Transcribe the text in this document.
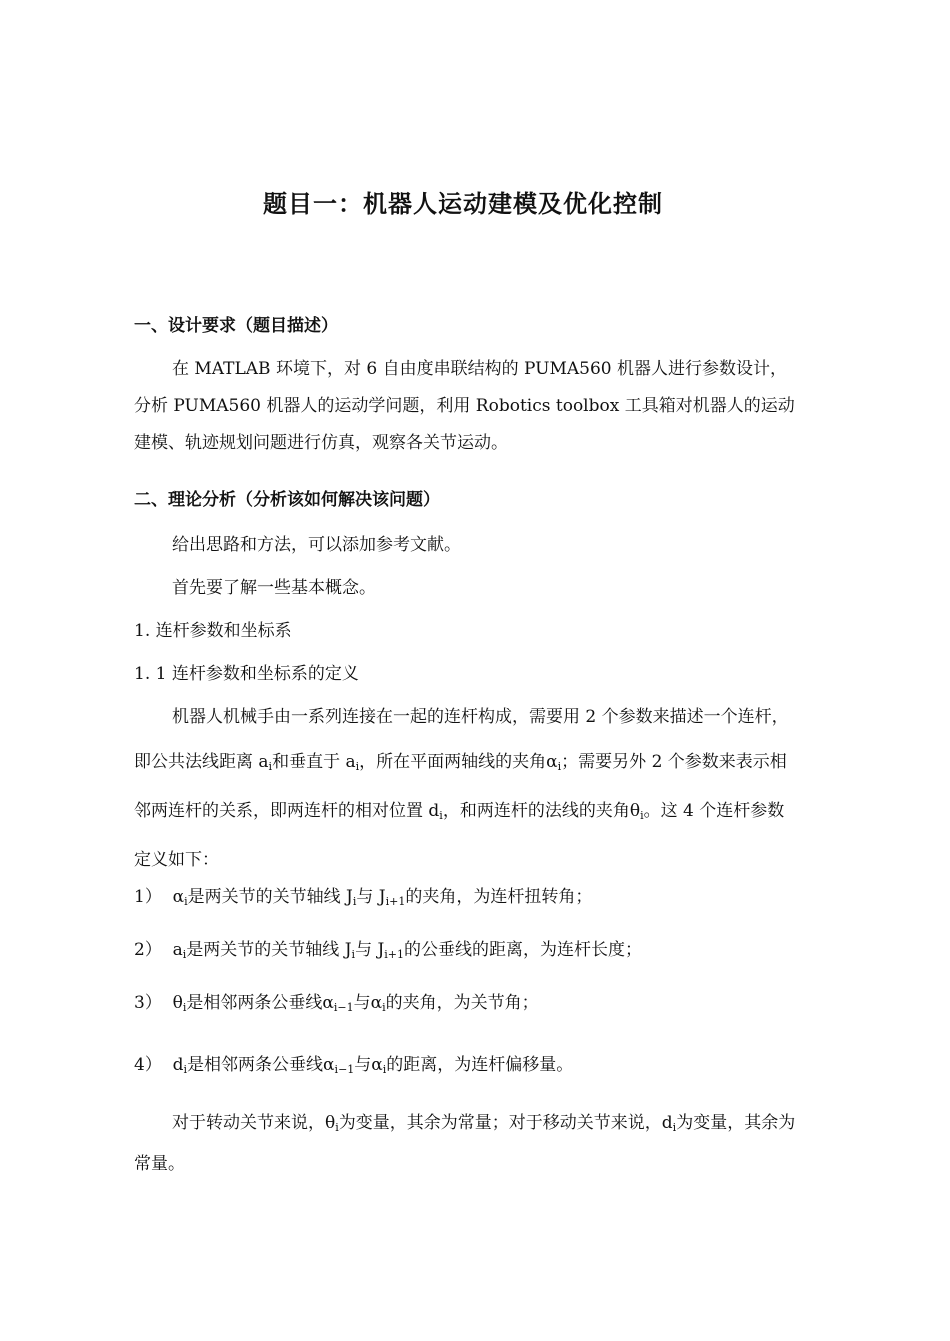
题目一：机器人运动建模及优化控制
一、设计要求（题目描述）
在 MATLAB 环境下，对 6 自由度串联结构的 PUMA560 机器人进行参数设计，分析 PUMA560 机器人的运动学问题，利用 Robotics toolbox 工具箱对机器人的运动建模、轨迹规划问题进行仿真，观察各关节运动。
二、理论分析（分析该如何解决该问题）
给出思路和方法，可以添加参考文献。
首先要了解一些基本概念。
1. 连杆参数和坐标系
1. 1 连杆参数和坐标系的定义
机器人机械手由一系列连接在一起的连杆构成，需要用 2 个参数来描述一个连杆，即公共法线距离 $a_i$和垂直于 $a_i$，所在平面两轴线的夹角$\alpha_i$；需要另外 2 个参数来表示相邻两连杆的关系，即两连杆的相对位置 $d_i$，和两连杆的法线的夹角$\theta_i$。这 4 个连杆参数定义如下：
1） $\alpha_i$是两关节的关节轴线 $J_i$与 $J_{i+1}$的夹角，为连杆扭转角；
2） $a_i$是两关节的关节轴线 $J_i$与 $J_{i+1}$的公垂线的距离，为连杆长度；
3） $\theta_i$是相邻两条公垂线$\alpha_{i-1}$与$\alpha_i$的夹角，为关节角；
4） $d_i$是相邻两条公垂线$\alpha_{i-1}$与$\alpha_i$的距离，为连杆偏移量。
对于转动关节来说，$\theta_i$为变量，其余为常量；对于移动关节来说，$d_i$为变量，其余为常量。
